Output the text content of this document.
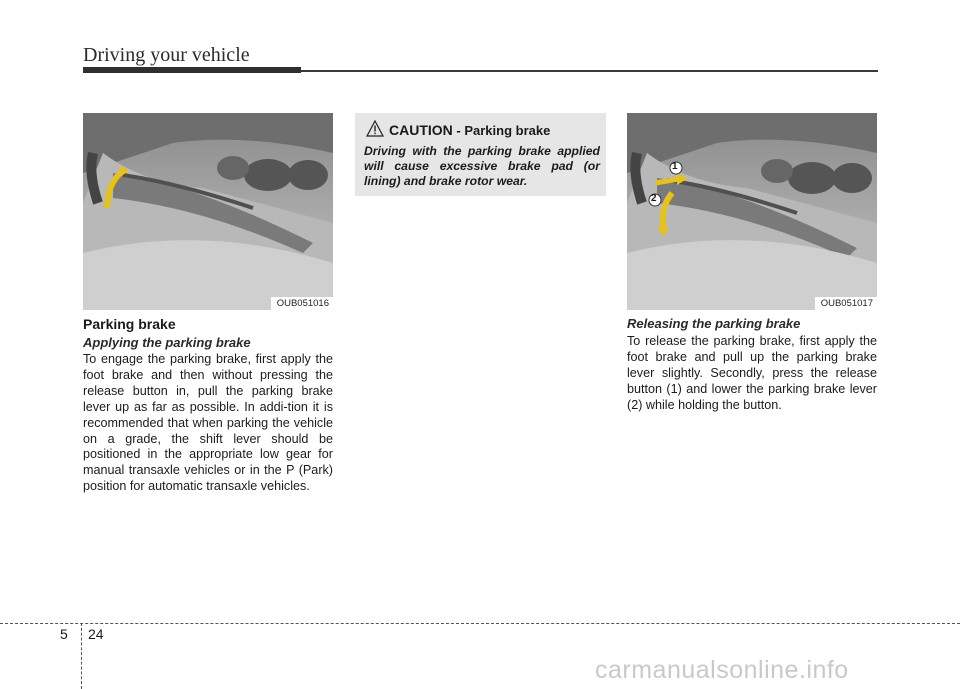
Driving your vehicle
OUB051016
Parking brake
Applying the parking brake
To engage the parking brake, first apply the foot brake and then without pressing the release button in, pull the parking brake lever up as far as possible. In addi-tion it is recommended that when parking the vehicle on a grade, the shift lever should be positioned in the appropriate low gear for manual transaxle vehicles or in the P (Park) position for automatic transaxle vehicles.
CAUTION - Parking brake
Driving with the parking brake applied will cause excessive brake pad (or lining) and brake rotor wear.
1
2
OUB051017
Releasing the parking brake
To release the parking brake, first apply the foot brake and pull up the parking brake lever slightly. Secondly, press the release button (1) and lower the parking brake lever (2) while holding the button.
5 24
carmanualsonline.info
